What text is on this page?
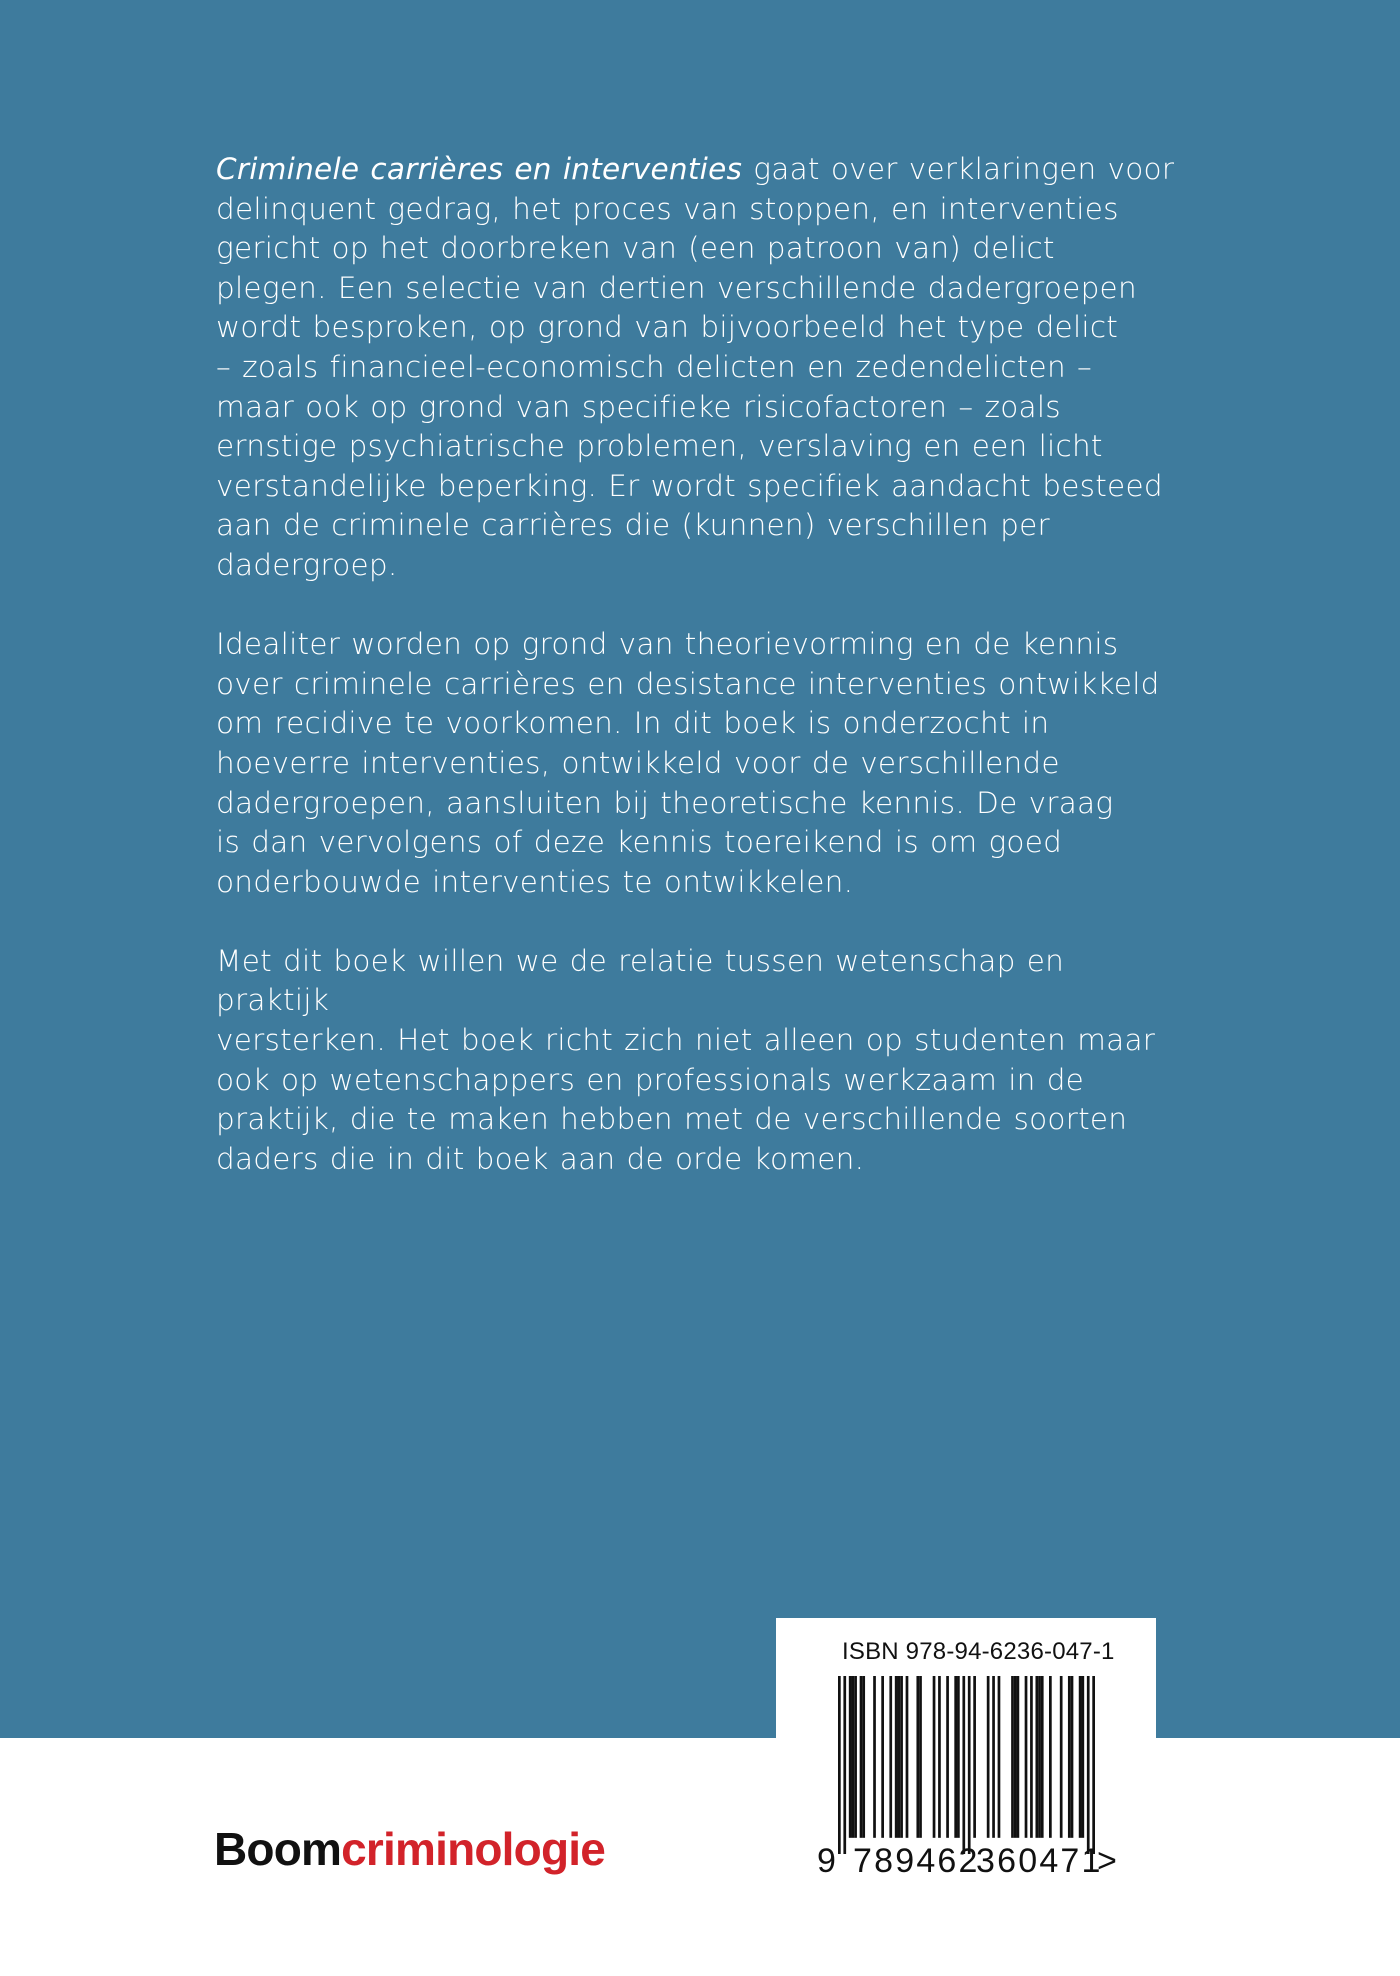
Criminele carrières en interventies gaat over verklaringen voor
delinquent gedrag, het proces van stoppen, en interventies
gericht op het doorbreken van (een patroon van) delict
plegen. Een selectie van dertien verschillende dadergroepen
wordt besproken, op grond van bijvoorbeeld het type delict
– zoals financieel-economisch delicten en zedendelicten –
maar ook op grond van specifieke risicofactoren – zoals
ernstige psychiatrische problemen, verslaving en een licht
verstandelijke beperking. Er wordt specifiek aandacht besteed
aan de criminele carrières die (kunnen) verschillen per
dadergroep.

Idealiter worden op grond van theorievorming en de kennis
over criminele carrières en desistance interventies ontwikkeld
om recidive te voorkomen. In dit boek is onderzocht in
hoeverre interventies, ontwikkeld voor de verschillende
dadergroepen, aansluiten bij theoretische kennis. De vraag
is dan vervolgens of deze kennis toereikend is om goed
onderbouwde interventies te ontwikkelen.

Met dit boek willen we de relatie tussen wetenschap en praktijk
versterken. Het boek richt zich niet alleen op studenten maar
ook op wetenschappers en professionals werkzaam in de
praktijk, die te maken hebben met de verschillende soorten
daders die in dit boek aan de orde komen.

ISBN 978-94-6236-047-1
9 789462
360471
>
Boomcriminologie
